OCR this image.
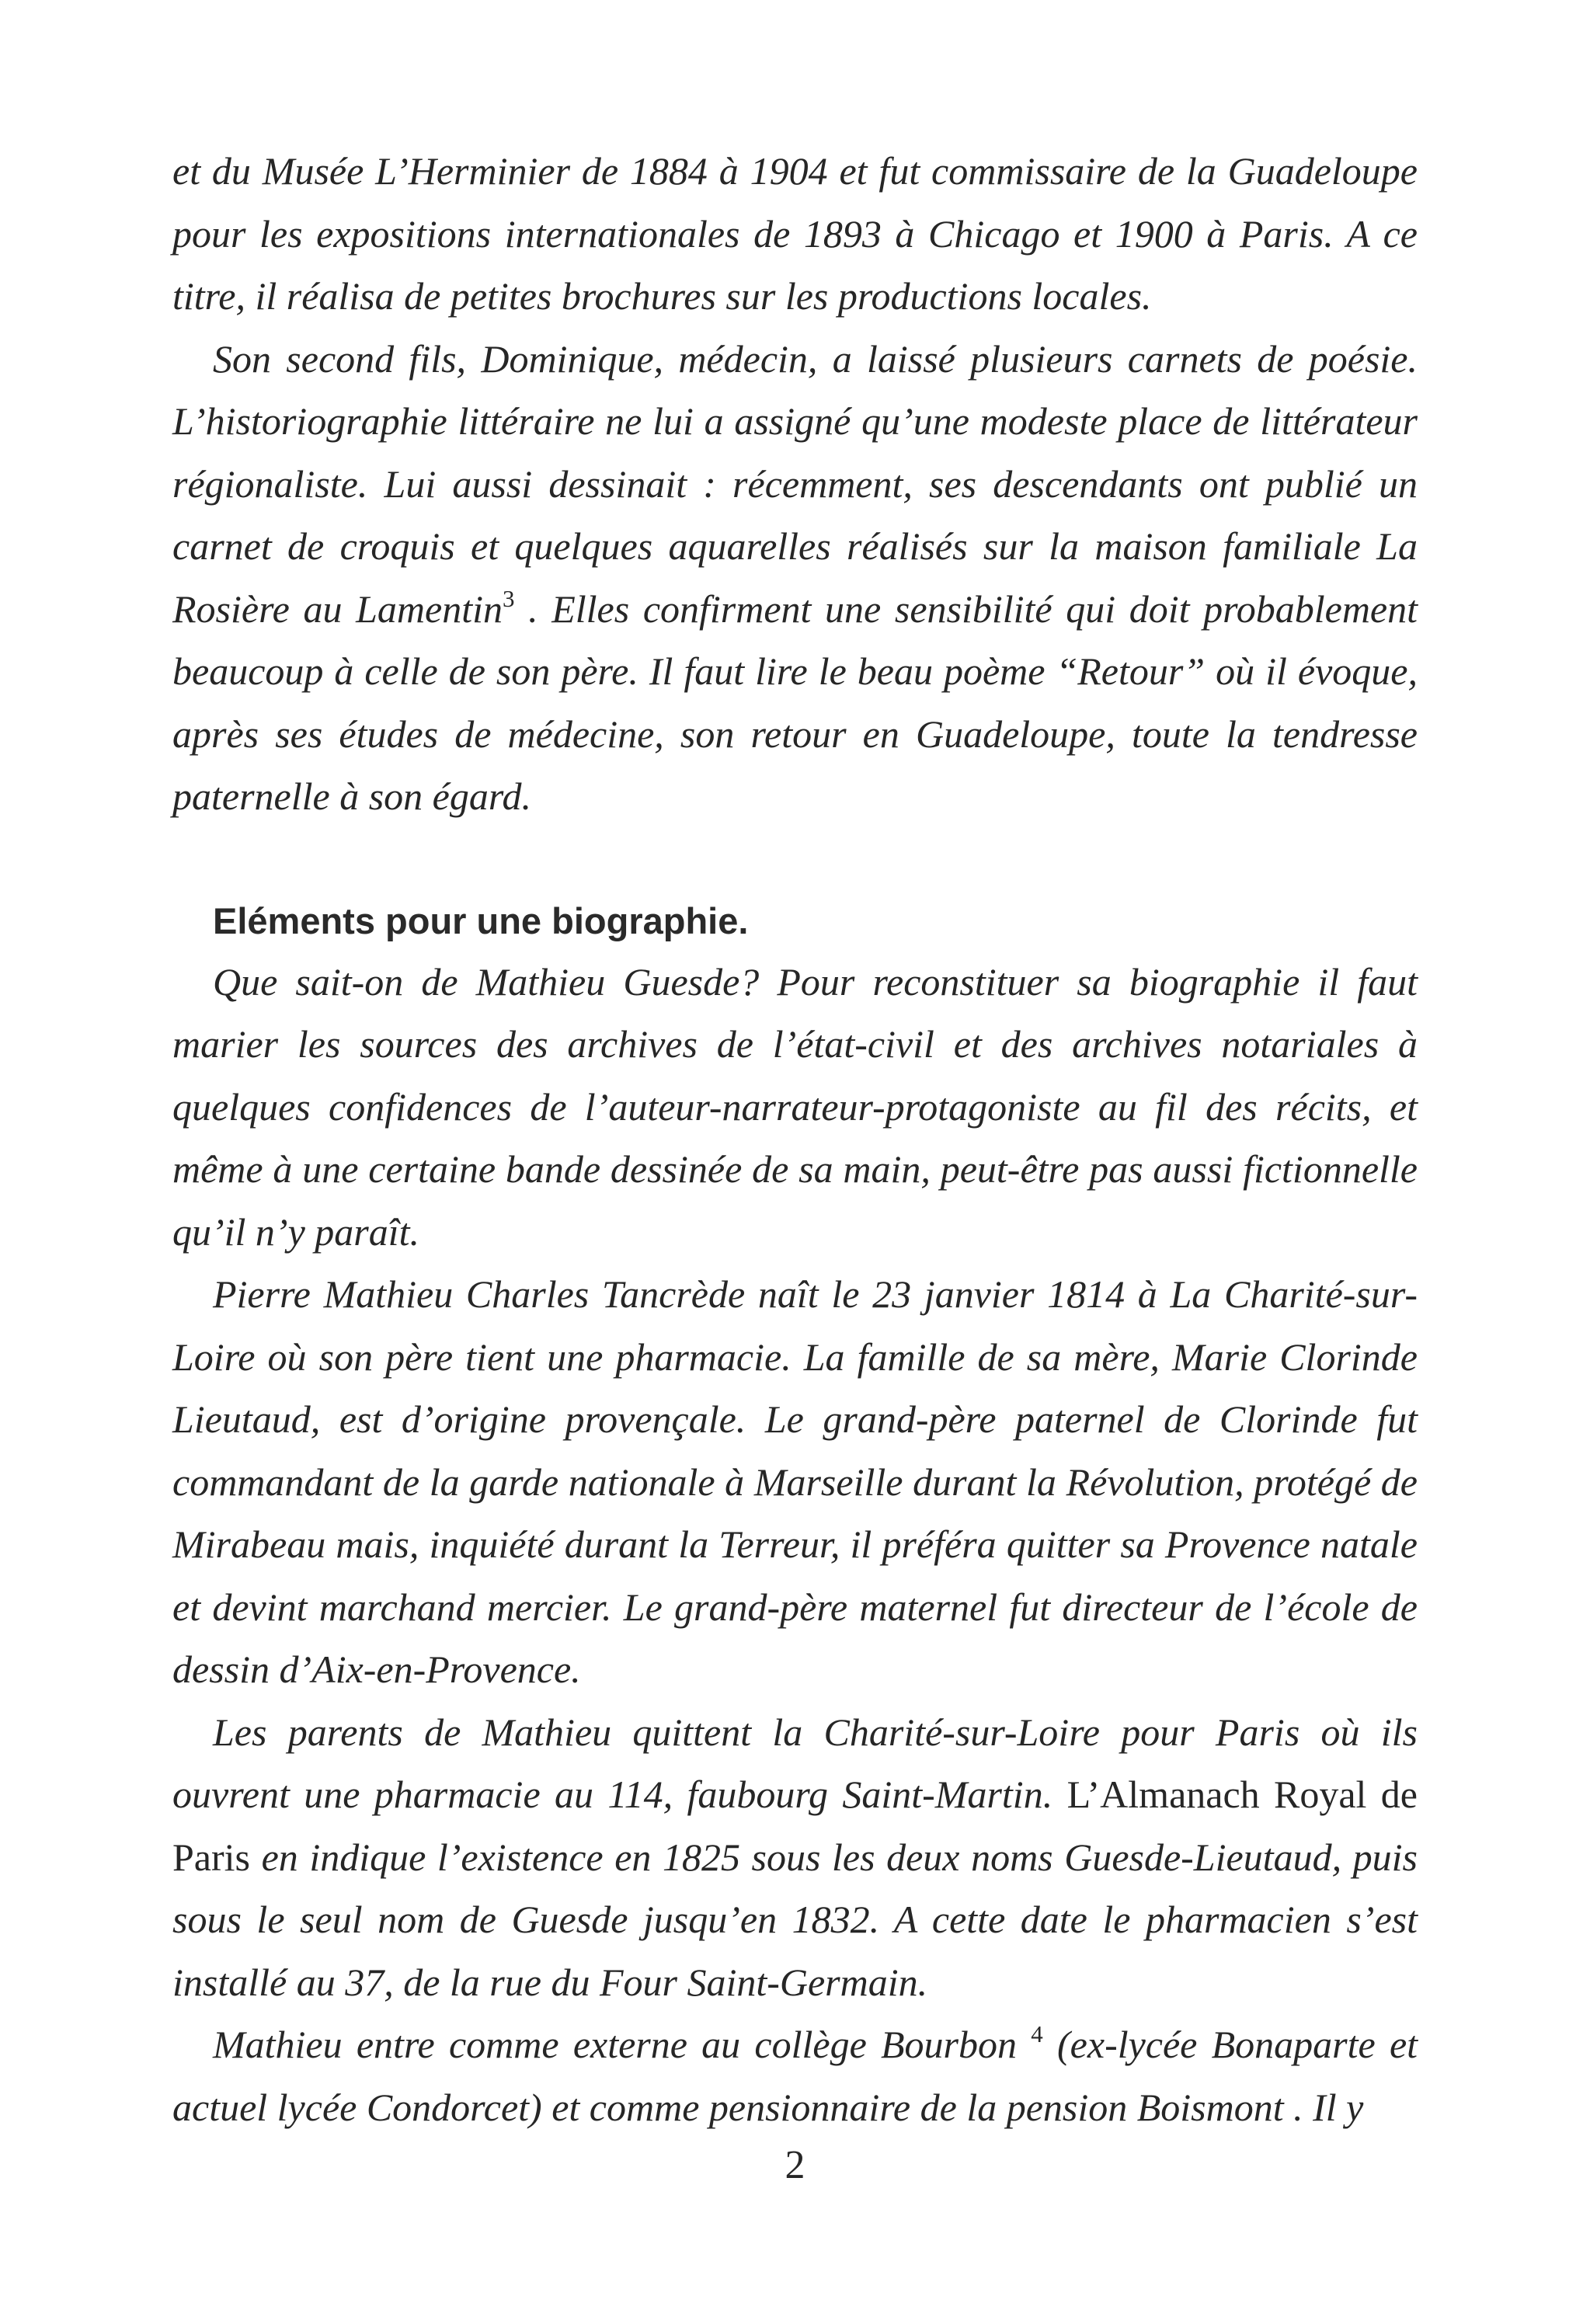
et du Musée L’Herminier de 1884 à 1904 et fut commissaire de la Guadeloupe pour les expositions internationales de 1893 à Chicago et 1900 à Paris. A ce titre, il réalisa de petites brochures sur les productions locales.

Son second fils, Dominique, médecin, a laissé plusieurs carnets de poésie. L’historiographie littéraire ne lui a assigné qu’une modeste place de littérateur régionaliste. Lui aussi dessinait : récemment, ses descendants ont publié un carnet de croquis et quelques aquarelles réalisés sur la maison familiale La Rosière au Lamentin$^3$ . Elles confirment une sensibilité qui doit probablement beaucoup à celle de son père. Il faut lire le beau poème “Retour” où il évoque, après ses études de médecine, son retour en Guadeloupe, toute la tendresse paternelle à son égard.

Eléments pour une biographie.

Que sait-on de Mathieu Guesde? Pour reconstituer sa biographie il faut marier les sources des archives de l’état-civil et des archives notariales à quelques confidences de l’auteur-narrateur-protagoniste au fil des récits, et même à une certaine bande dessinée de sa main, peut-être pas aussi fictionnelle qu’il n’y paraît.

Pierre Mathieu Charles Tancrède naît le 23 janvier 1814 à La Charité-sur-Loire où son père tient une pharmacie. La famille de sa mère, Marie Clorinde Lieutaud, est d’origine provençale. Le grand-père paternel de Clorinde fut commandant de la garde nationale à Marseille durant la Révolution, protégé de Mirabeau mais, inquiété durant la Terreur, il préféra quitter sa Provence natale et devint marchand mercier. Le grand-père maternel fut directeur de l’école de dessin d’Aix-en-Provence.

Les parents de Mathieu quittent la Charité-sur-Loire pour Paris où ils ouvrent une pharmacie au 114, faubourg Saint-Martin. L’Almanach Royal de Paris en indique l’existence en 1825 sous les deux noms Guesde-Lieutaud, puis sous le seul nom de Guesde jusqu’en 1832. A cette date le pharmacien s’est installé au 37, de la rue du Four Saint-Germain.

Mathieu entre comme externe au collège Bourbon $^4$ (ex-lycée Bonaparte et actuel lycée Condorcet) et comme pensionnaire de la pension Boismont . Il y

2
